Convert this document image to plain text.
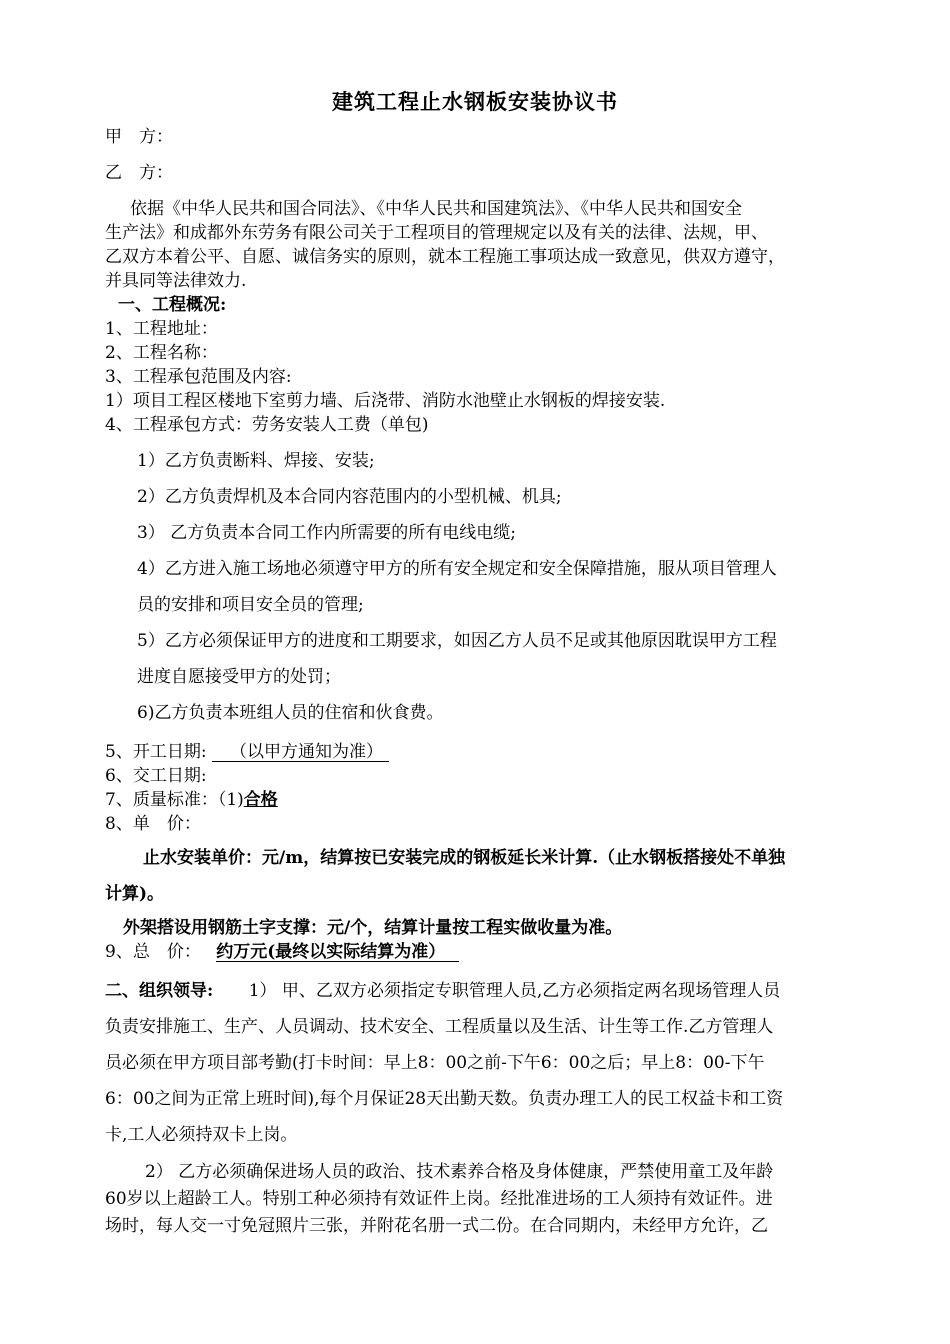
建筑工程止水钢板安装协议书
甲　方：
乙　方：
依据《中华人民共和国合同法》、《中华人民共和国建筑法》、《中华人民共和国安全
生产法》和成都外东劳务有限公司关于工程项目的管理规定以及有关的法律、法规，甲、
乙双方本着公平、自愿、诚信务实的原则，就本工程施工事项达成一致意见，供双方遵守，
并具同等法律效力.
一、工程概况:
1、工程地址：
2、工程名称：
3、工程承包范围及内容:
1）项目工程区楼地下室剪力墙、后浇带、消防水池壁止水钢板的焊接安装.
4、工程承包方式：劳务安装人工费（单包)
1）乙方负责断料、焊接、安装;
2）乙方负责焊机及本合同内容范围内的小型机械、机具;
3） 乙方负责本合同工作内所需要的所有电线电缆;
4）乙方进入施工场地必须遵守甲方的所有安全规定和安全保障措施，服从项目管理人
员的安排和项目安全员的管理;
5）乙方必须保证甲方的进度和工期要求，如因乙方人员不足或其他原因耽误甲方工程
进度自愿接受甲方的处罚；
6)乙方负责本班组人员的住宿和伙食费。
5、开工日期: （以甲方通知为准）
6、交工日期:
7、质量标准：（1)合格
8、单　价：
止水安装单价：元/m，结算按已安装完成的钢板延长米计算.（止水钢板搭接处不单独
计算)。
外架搭设用钢筋土字支撑：元/个，结算计量按工程实做收量为准。
9、总　价： 约万元(最终以实际结算为准）
二、组织领导: 1） 甲、乙双方必须指定专职管理人员,乙方必须指定两名现场管理人员
负责安排施工、生产、人员调动、技术安全、工程质量以及生活、计生等工作.乙方管理人
员必须在甲方项目部考勤(打卡时间：早上8：00之前-下午6：00之后；早上8：00-下午
6：00之间为正常上班时间),每个月保证28天出勤天数。负责办理工人的民工权益卡和工资
卡,工人必须持双卡上岗。
2） 乙方必须确保进场人员的政治、技术素养合格及身体健康，严禁使用童工及年龄
60岁以上超龄工人。特别工种必须持有效证件上岗。经批准进场的工人须持有效证件。进
场时，每人交一寸免冠照片三张，并附花名册一式二份。在合同期内，未经甲方允许，乙
